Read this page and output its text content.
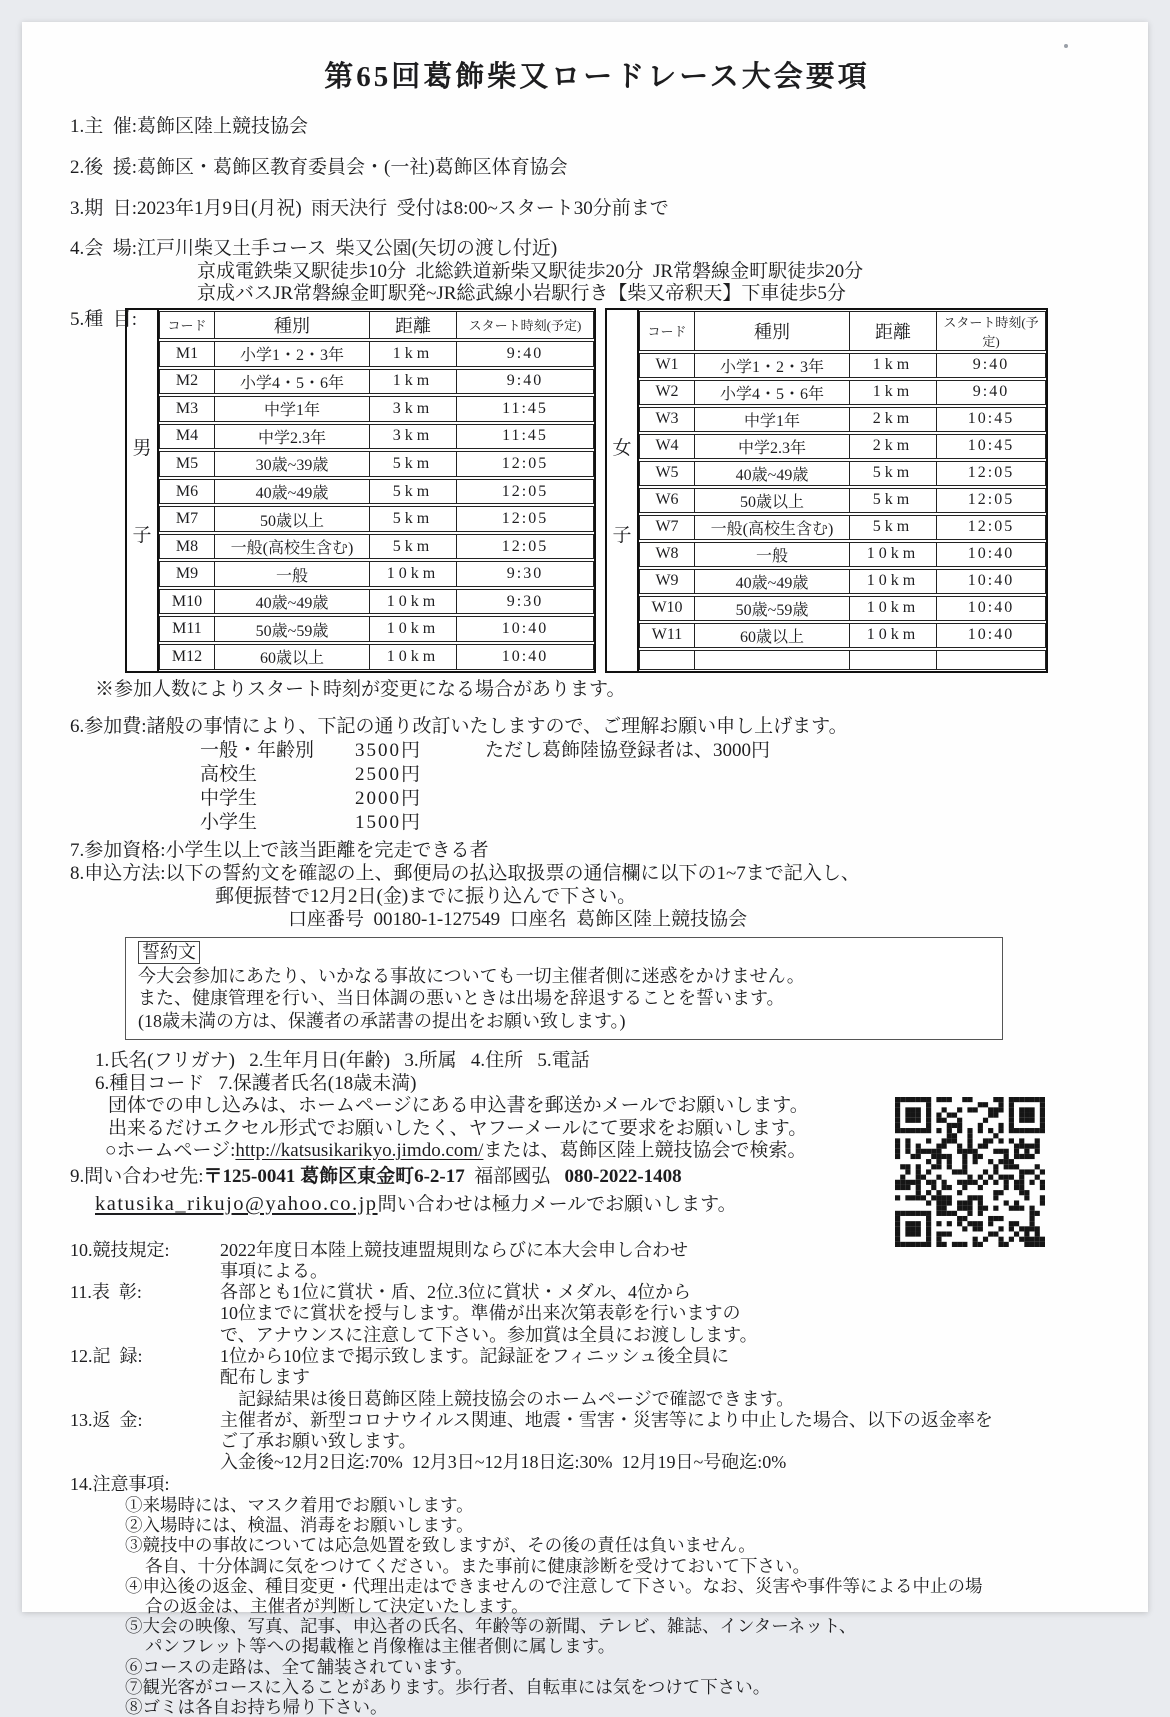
第65回葛飾柴又ロードレース大会要項
1.主  催:葛飾区陸上競技協会
2.後  援:葛飾区・葛飾区教育委員会・(一社)葛飾区体育協会
3.期  日:2023年1月9日(月祝)  雨天決行  受付は8:00~スタート30分前まで
4.会  場:江戸川柴又土手コース  柴又公園(矢切の渡し付近)
京成電鉄柴又駅徒歩10分  北総鉄道新柴又駅徒歩20分  JR常磐線金町駅徒歩20分
京成バスJR常磐線金町駅発~JR総武線小岩駅行き【柴又帝釈天】下車徒歩5分
5.種  目:
男
子
コード	種別	距離	スタート時刻(予定)
M1	小学1・2・3年	1km	9:40
M2	小学4・5・6年	1km	9:40
M3	中学1年	3km	11:45
M4	中学2.3年	3km	11:45
M5	30歳~39歳	5km	12:05
M6	40歳~49歳	5km	12:05
M7	50歳以上	5km	12:05
M8	一般(高校生含む)	5km	12:05
M9	一般	10km	9:30
M10	40歳~49歳	10km	9:30
M11	50歳~59歳	10km	10:40
M12	60歳以上	10km	10:40
女
子
コード	種別	距離	スタート時刻(予定)
W1	小学1・2・3年	1km	9:40
W2	小学4・5・6年	1km	9:40
W3	中学1年	2km	10:45
W4	中学2.3年	2km	10:45
W5	40歳~49歳	5km	12:05
W6	50歳以上	5km	12:05
W7	一般(高校生含む)	5km	12:05
W8	一般	10km	10:40
W9	40歳~49歳	10km	10:40
W10	50歳~59歳	10km	10:40
W11	60歳以上	10km	10:40

※参加人数によりスタート時刻が変更になる場合があります。
6.参加費:諸般の事情により、下記の通り改訂いたしますので、ご理解お願い申し上げます。
一般・年齢別 3500円	ただし葛飾陸協登録者は、3000円
高校生	2500円
中学生	2000円
小学生	1500円
7.参加資格:小学生以上で該当距離を完走できる者
8.申込方法:以下の誓約文を確認の上、郵便局の払込取扱票の通信欄に以下の1~7まで記入し、
郵便振替で12月2日(金)までに振り込んで下さい。
口座番号  00180-1-127549  口座名  葛飾区陸上競技協会
誓約文
今大会参加にあたり、いかなる事故についても一切主催者側に迷惑をかけません。
また、健康管理を行い、当日体調の悪いときは出場を辞退することを誓います。
(18歳未満の方は、保護者の承諾書の提出をお願い致します。)
1.氏名(フリガナ)   2.生年月日(年齢)   3.所属   4.住所   5.電話
6.種目コード   7.保護者氏名(18歳未満)
団体での申し込みは、ホームページにある申込書を郵送かメールでお願いします。
出来るだけエクセル形式でお願いしたく、ヤフーメールにて要求をお願いします。
○ホームページ:http://katsusikarikyo.jimdo.com/または、葛飾区陸上競技協会で検索。
9.問い合わせ先:〒125-0041 葛飾区東金町6-2-17  福部國弘   080-2022-1408
katusika_rikujo@yahoo.co.jp問い合わせは極力メールでお願いします。
10.競技規定:	2022年度日本陸上競技連盟規則ならびに本大会申し合わせ
事項による。
11.表  彰:	各部とも1位に賞状・盾、2位.3位に賞状・メダル、4位から
10位までに賞状を授与します。準備が出来次第表彰を行いますの
で、アナウンスに注意して下さい。参加賞は全員にお渡しします。
12.記  録:	1位から10位まで掲示致します。記録証をフィニッシュ後全員に
配布します
記録結果は後日葛飾区陸上競技協会のホームページで確認できます。
13.返  金:	主催者が、新型コロナウイルス関連、地震・雪害・災害等により中止した場合、以下の返金率を
ご了承お願い致します。
入金後~12月2日迄:70%  12月3日~12月18日迄:30%  12月19日~号砲迄:0%
14.注意事項:
①来場時には、マスク着用でお願いします。
②入場時には、検温、消毒をお願いします。
③競技中の事故については応急処置を致しますが、その後の責任は負いません。
各自、十分体調に気をつけてください。また事前に健康診断を受けておいて下さい。
④申込後の返金、種目変更・代理出走はできませんので注意して下さい。なお、災害や事件等による中止の場
合の返金は、主催者が判断して決定いたします。
⑤大会の映像、写真、記事、申込者の氏名、年齢等の新聞、テレビ、雑誌、インターネット、
パンフレット等への掲載権と肖像権は主催者側に属します。
⑥コースの走路は、全て舗装されています。
⑦観光客がコースに入ることがあります。歩行者、自転車には気をつけて下さい。
⑧ゴミは各自お持ち帰り下さい。
